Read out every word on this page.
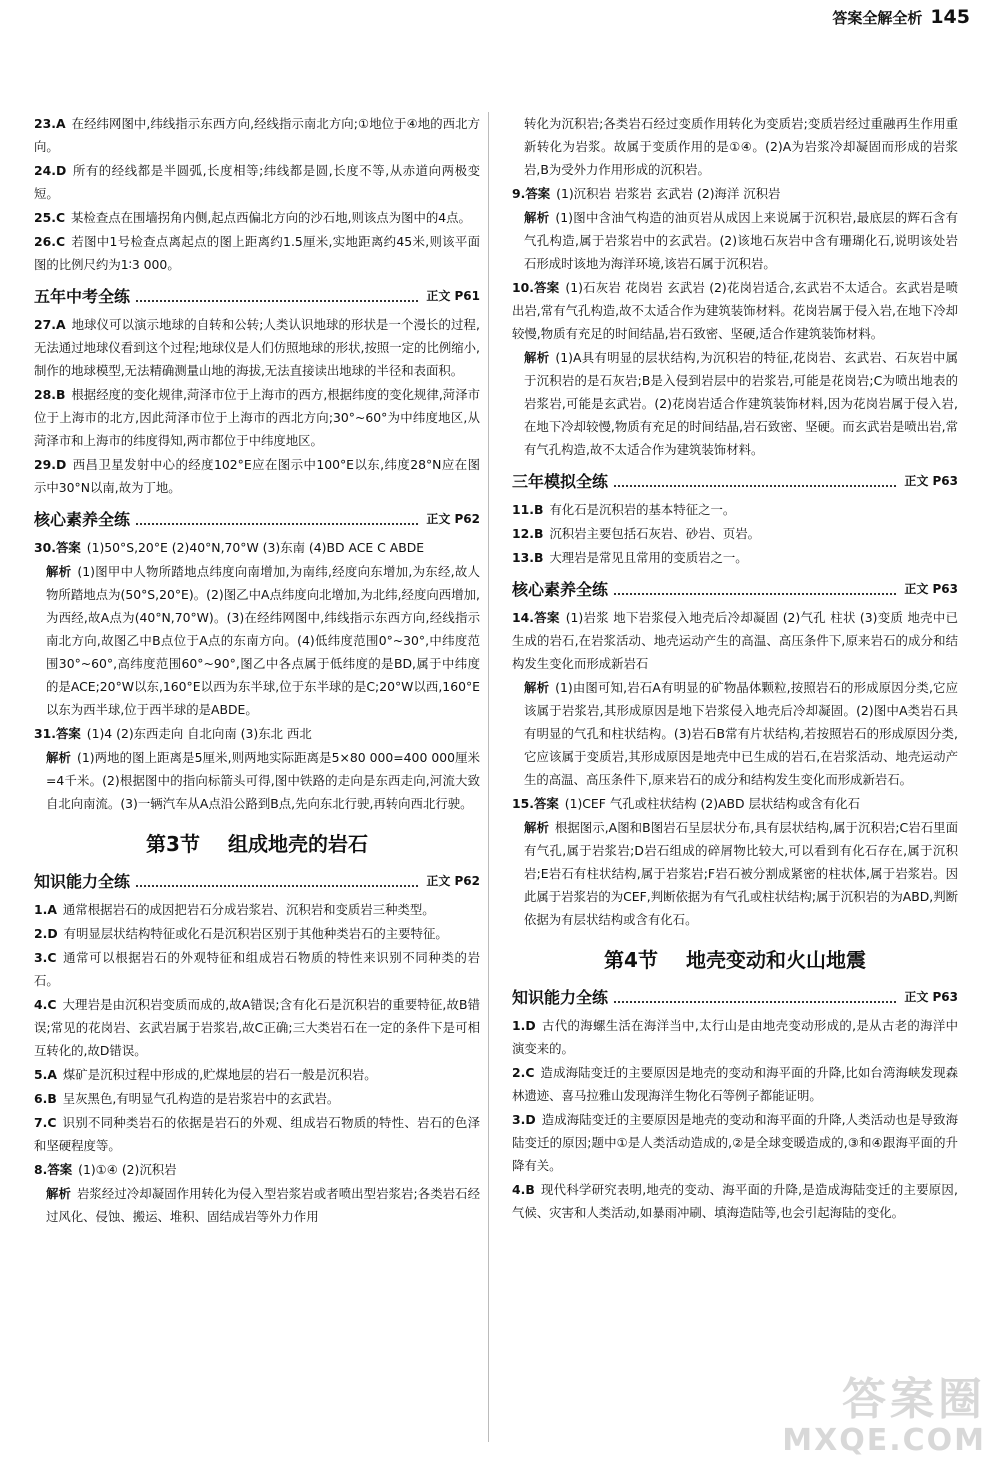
答案全解全析 145
23.A 在经纬网图中,纬线指示东西方向,经线指示南北方向;①地位于④地的西北方向。
24.D 所有的经线都是半圆弧,长度相等;纬线都是圆,长度不等,从赤道向两极变短。
25.C 某检查点在围墙拐角内侧,起点西偏北方向的沙石地,则该点为图中的4点。
26.C 若图中1号检查点离起点的图上距离约1.5厘米,实地距离约45米,则该平面图的比例尺约为1∶3 000。
五年中考全练	正文 P61
27.A 地球仪可以演示地球的自转和公转;人类认识地球的形状是一个漫长的过程,无法通过地球仪看到这个过程;地球仪是人们仿照地球的形状,按照一定的比例缩小,制作的地球模型,无法精确测量山地的海拔,无法直接读出地球的半径和表面积。
28.B 根据经度的变化规律,菏泽市位于上海市的西方,根据纬度的变化规律,菏泽市位于上海市的北方,因此菏泽市位于上海市的西北方向;30°~60°为中纬度地区,从菏泽市和上海市的纬度得知,两市都位于中纬度地区。
29.D 西昌卫星发射中心的经度102°E应在图示中100°E以东,纬度28°N应在图示中30°N以南,故为丁地。
核心素养全练	正文 P62
30.答案 (1)50°S,20°E (2)40°N,70°W (3)东南 (4)BD ACE C ABDE
解析 (1)图甲中人物所踏地点纬度向南增加,为南纬,经度向东增加,为东经,故人物所踏地点为(50°S,20°E)。(2)图乙中A点纬度向北增加,为北纬,经度向西增加,为西经,故A点为(40°N,70°W)。(3)在经纬网图中,纬线指示东西方向,经线指示南北方向,故图乙中B点位于A点的东南方向。(4)低纬度范围0°~30°,中纬度范围30°~60°,高纬度范围60°~90°,图乙中各点属于低纬度的是BD,属于中纬度的是ACE;20°W以东,160°E以西为东半球,位于东半球的是C;20°W以西,160°E以东为西半球,位于西半球的是ABDE。
31.答案 (1)4 (2)东西走向 自北向南 (3)东北 西北
解析 (1)两地的图上距离是5厘米,则两地实际距离是5×80 000=400 000厘米=4千米。(2)根据图中的指向标箭头可得,图中铁路的走向是东西走向,河流大致自北向南流。(3)一辆汽车从A点沿公路到B点,先向东北行驶,再转向西北行驶。
第3节 组成地壳的岩石
知识能力全练	正文 P62
1.A 通常根据岩石的成因把岩石分成岩浆岩、沉积岩和变质岩三种类型。
2.D 有明显层状结构特征或化石是沉积岩区别于其他种类岩石的主要特征。
3.C 通常可以根据岩石的外观特征和组成岩石物质的特性来识别不同种类的岩石。
4.C 大理岩是由沉积岩变质而成的,故A错误;含有化石是沉积岩的重要特征,故B错误;常见的花岗岩、玄武岩属于岩浆岩,故C正确;三大类岩石在一定的条件下是可相互转化的,故D错误。
5.A 煤矿是沉积过程中形成的,贮煤地层的岩石一般是沉积岩。
6.B 呈灰黑色,有明显气孔构造的是岩浆岩中的玄武岩。
7.C 识别不同种类岩石的依据是岩石的外观、组成岩石物质的特性、岩石的色泽和坚硬程度等。
8.答案 (1)①④ (2)沉积岩
解析 岩浆经过冷却凝固作用转化为侵入型岩浆岩或者喷出型岩浆岩;各类岩石经过风化、侵蚀、搬运、堆积、固结成岩等外力作用
转化为沉积岩;各类岩石经过变质作用转化为变质岩;变质岩经过重融再生作用重新转化为岩浆。故属于变质作用的是①④。(2)A为岩浆冷却凝固而形成的岩浆岩,B为受外力作用形成的沉积岩。
9.答案 (1)沉积岩 岩浆岩 玄武岩 (2)海洋 沉积岩
解析 (1)图中含油气构造的油页岩从成因上来说属于沉积岩,最底层的辉石含有气孔构造,属于岩浆岩中的玄武岩。(2)该地石灰岩中含有珊瑚化石,说明该处岩石形成时该地为海洋环境,该岩石属于沉积岩。
10.答案 (1)石灰岩 花岗岩 玄武岩 (2)花岗岩适合,玄武岩不太适合。玄武岩是喷出岩,常有气孔构造,故不太适合作为建筑装饰材料。花岗岩属于侵入岩,在地下冷却较慢,物质有充足的时间结晶,岩石致密、坚硬,适合作建筑装饰材料。
解析 (1)A具有明显的层状结构,为沉积岩的特征,花岗岩、玄武岩、石灰岩中属于沉积岩的是石灰岩;B是入侵到岩层中的岩浆岩,可能是花岗岩;C为喷出地表的岩浆岩,可能是玄武岩。(2)花岗岩适合作建筑装饰材料,因为花岗岩属于侵入岩,在地下冷却较慢,物质有充足的时间结晶,岩石致密、坚硬。而玄武岩是喷出岩,常有气孔构造,故不太适合作为建筑装饰材料。
三年模拟全练	正文 P63
11.B 有化石是沉积岩的基本特征之一。
12.B 沉积岩主要包括石灰岩、砂岩、页岩。
13.B 大理岩是常见且常用的变质岩之一。
核心素养全练	正文 P63
14.答案 (1)岩浆 地下岩浆侵入地壳后冷却凝固 (2)气孔 柱状 (3)变质 地壳中已生成的岩石,在岩浆活动、地壳运动产生的高温、高压条件下,原来岩石的成分和结构发生变化而形成新岩石
解析 (1)由图可知,岩石A有明显的矿物晶体颗粒,按照岩石的形成原因分类,它应该属于岩浆岩,其形成原因是地下岩浆侵入地壳后冷却凝固。(2)图中A类岩石具有明显的气孔和柱状结构。(3)岩石B常有片状结构,若按照岩石的形成原因分类,它应该属于变质岩,其形成原因是地壳中已生成的岩石,在岩浆活动、地壳运动产生的高温、高压条件下,原来岩石的成分和结构发生变化而形成新岩石。
15.答案 (1)CEF 气孔或柱状结构 (2)ABD 层状结构或含有化石
解析 根据图示,A图和B图岩石呈层状分布,具有层状结构,属于沉积岩;C岩石里面有气孔,属于岩浆岩;D岩石组成的碎屑物比较大,可以看到有化石存在,属于沉积岩;E岩石有柱状结构,属于岩浆岩;F岩石被分割成紧密的柱状体,属于岩浆岩。因此属于岩浆岩的为CEF,判断依据为有气孔或柱状结构;属于沉积岩的为ABD,判断依据为有层状结构或含有化石。
第4节 地壳变动和火山地震
知识能力全练	正文 P63
1.D 古代的海螺生活在海洋当中,太行山是由地壳变动形成的,是从古老的海洋中演变来的。
2.C 造成海陆变迁的主要原因是地壳的变动和海平面的升降,比如台湾海峡发现森林遗迹、喜马拉雅山发现海洋生物化石等例子都能证明。
3.D 造成海陆变迁的主要原因是地壳的变动和海平面的升降,人类活动也是导致海陆变迁的原因;题中①是人类活动造成的,②是全球变暖造成的,③和④跟海平面的升降有关。
4.B 现代科学研究表明,地壳的变动、海平面的升降,是造成海陆变迁的主要原因,气候、灾害和人类活动,如暴雨冲刷、填海造陆等,也会引起海陆的变化。
答案圈
MXQE.COM
